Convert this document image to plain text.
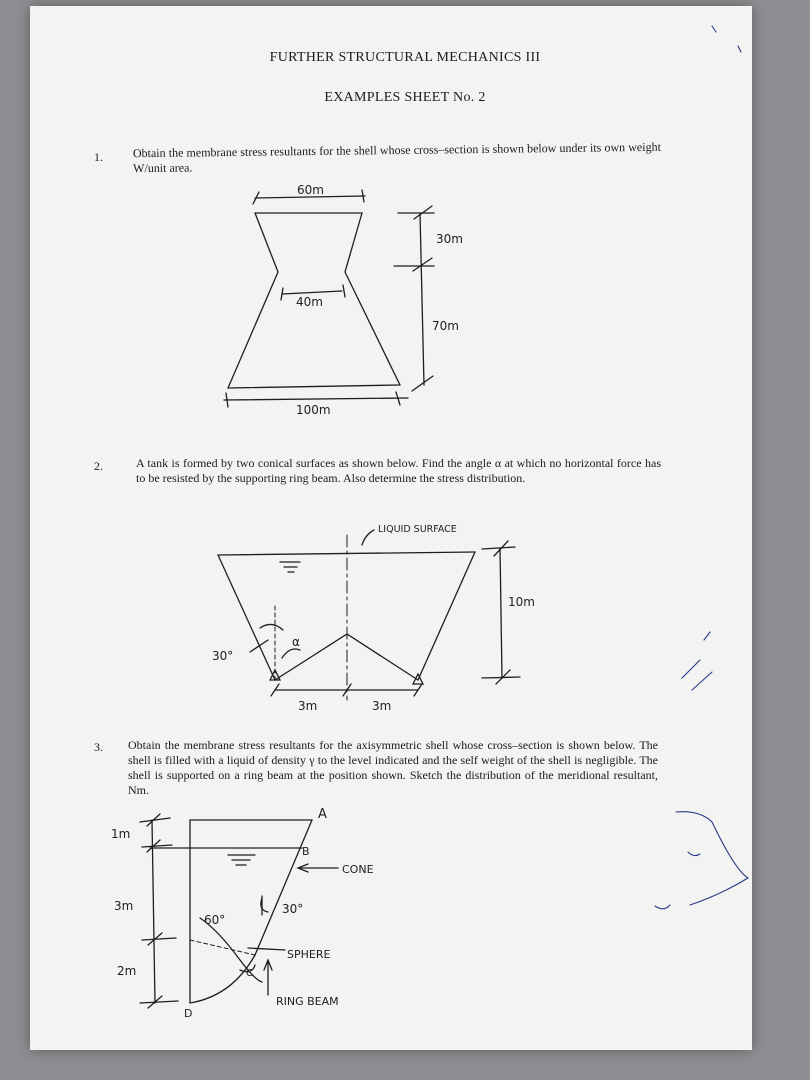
FURTHER STRUCTURAL MECHANICS III
EXAMPLES SHEET No. 2
1. Obtain the membrane stress resultants for the shell whose cross–section is shown below under its own weight W/unit area.
2.	A tank is formed by two conical surfaces as shown below. Find the angle α at which no horizontal force has to be resisted by the supporting ring beam. Also determine the stress distribution.
3. Obtain the membrane stress resultants for the axisymmetric shell whose cross–section is shown below. The shell is filled with a liquid of density γ to the level indicated and the self weight of the shell is negligible. The shell is supported on a ring beam at the position shown. Sketch the distribution of the meridional resultant, Nm.
60m
30m
40m
70m
100m
LIQUID SURFACE
10m
30°
α
3m	3m
1m
3m
2m
A
B
C
D
CONE
30°
60°
SPHERE
RING BEAM
